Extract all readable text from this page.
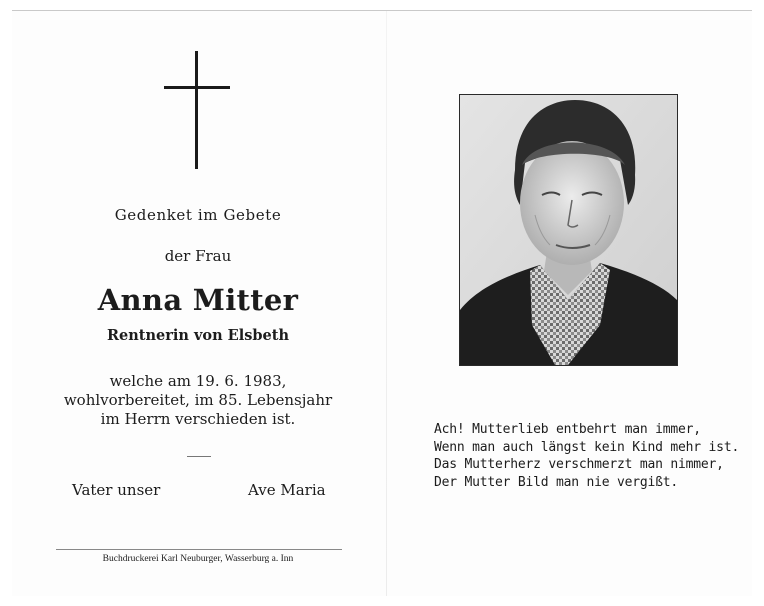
Gedenket im Gebete
der Frau
Anna Mitter
Rentnerin von Elsbeth
welche am 19. 6. 1983,
wohlvorbereitet, im 85. Lebensjahr
im Herrn verschieden ist.
Vater unser	Ave Maria
Buchdruckerei Karl Neuburger, Wasserburg a. Inn
Ach! Mutterlieb entbehrt man immer,
Wenn man auch längst kein Kind mehr ist.
Das Mutterherz verschmerzt man nimmer,
Der Mutter Bild man nie vergißt.
